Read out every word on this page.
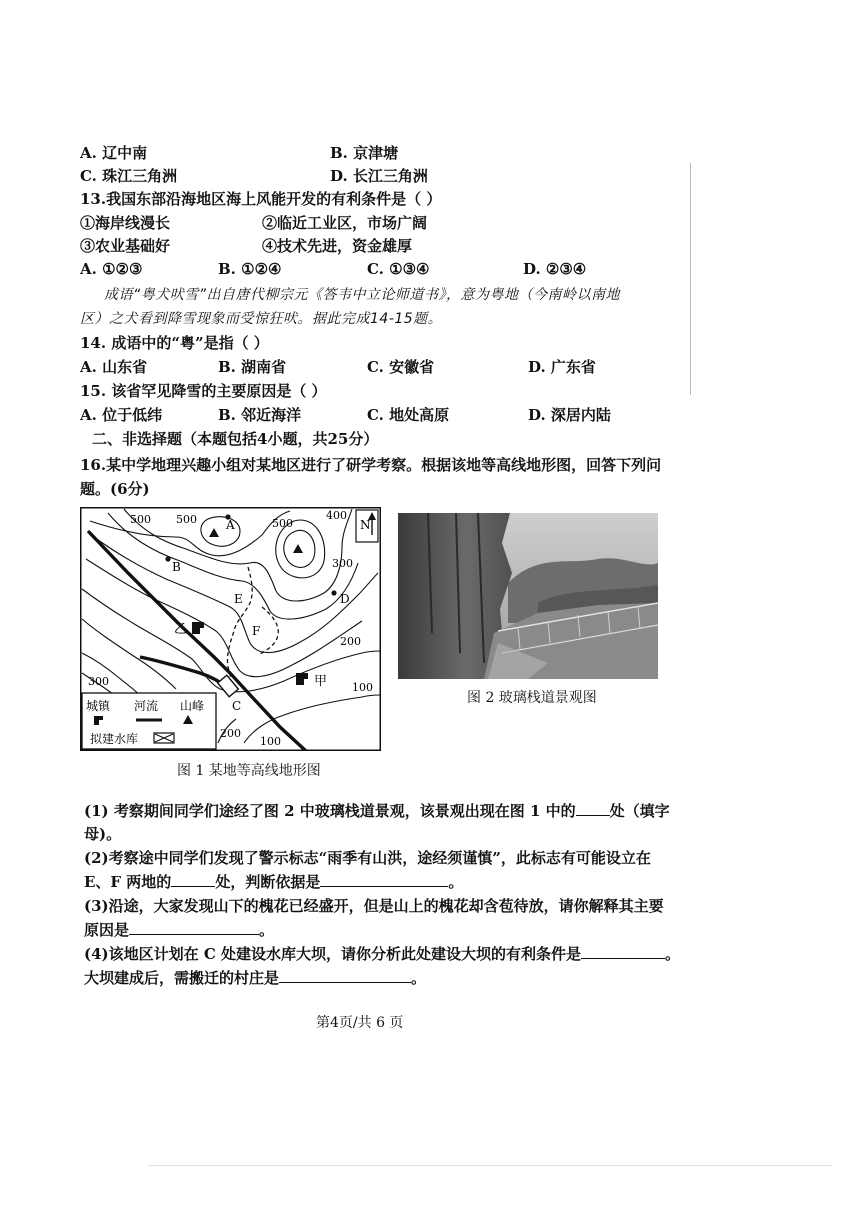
A. 辽中南	B. 京津塘
C. 珠江三角洲	D. 长江三角洲
13.我国东部沿海地区海上风能开发的有利条件是（ ）
①海岸线漫长	②临近工业区，市场广阔
③农业基础好	④技术先进，资金雄厚
A. ①②③	B. ①②④	C. ①③④	D. ②③④
成语“粤犬吠雪”出自唐代柳宗元《答韦中立论师道书》，意为粤地（今南岭以南地
区）之犬看到降雪现象而受惊狂吠。据此完成14-15题。
14. 成语中的“粤”是指（ ）
A. 山东省	B. 湖南省	C. 安徽省	D. 广东省
15. 该省罕见降雪的主要原因是（ ）
A. 位于低纬	B. 邻近海洋	C. 地处高原	D. 深居内陆
二、非选择题（本题包括4小题，共25分）
16.某中学地理兴趣小组对某地区进行了研学考察。根据该地等高线地形图，回答下列问
题。(6分)
N
城镇 河流 山峰
拟建水库
500 500	500
400
300
200
100
300
200
100
A
B
C
D
E
F
乙
甲
图 1 某地等高线地形图
图 2 玻璃栈道景观图
(1) 考察期间同学们途经了图 2 中玻璃栈道景观，该景观出现在图 1 中的 处（填字
母)。
(2)考察途中同学们发现了警示标志“雨季有山洪，途经须谨慎”，此标志有可能设立在
E、F 两地的	处，判断依据是	。
(3)沿途，大家发现山下的槐花已经盛开，但是山上的槐花却含苞待放，请你解释其主要
原因是	。
(4)该地区计划在 C 处建设水库大坝，请你分析此处建设大坝的有利条件是	。
大坝建成后，需搬迁的村庄是	。
第4页/共 6 页
